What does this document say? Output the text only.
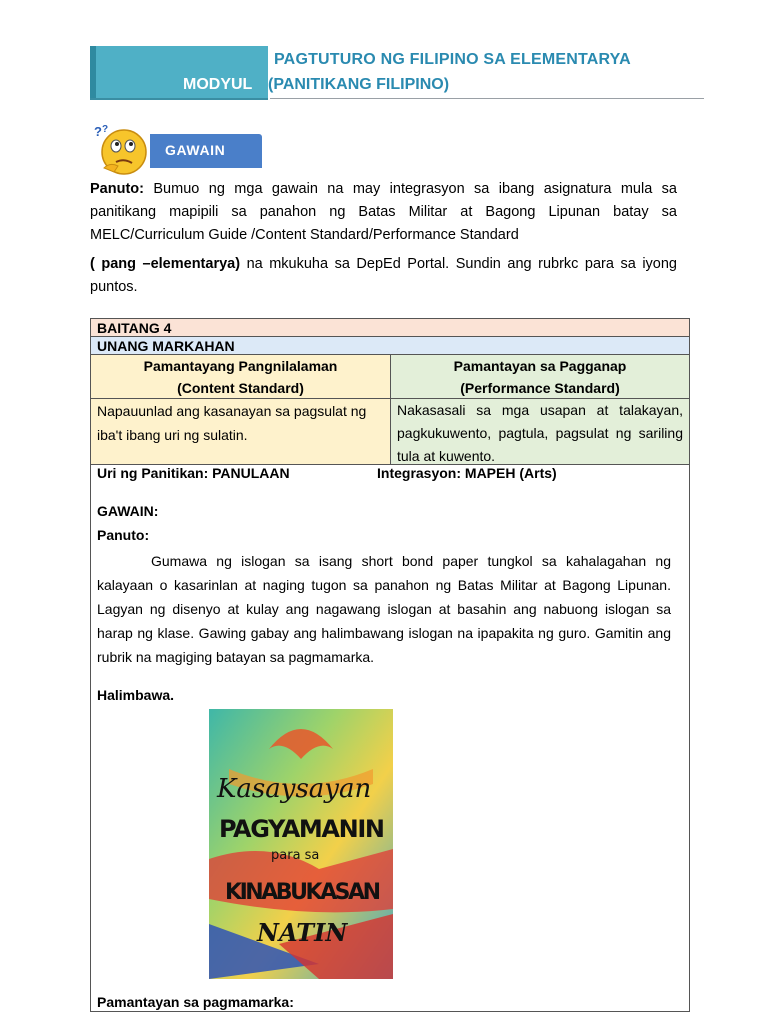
PAGTUTURO NG FILIPINO SA ELEMENTARYA
MODYUL (PANITIKANG FILIPINO)
GAWAIN
? ?
Panuto: Bumuo ng mga gawain na may integrasyon sa ibang asignatura mula sa panitikang mapipili sa panahon ng Batas Militar at Bagong Lipunan batay sa MELC/Curriculum Guide /Content Standard/Performance Standard
( pang –elementarya) na mkukuha sa DepEd Portal. Sundin ang rubrkc para sa iyong puntos.
BAITANG 4
UNANG MARKAHAN
Pamantayang Pangnilalaman
(Content Standard)
Pamantayan sa Pagganap
(Performance Standard)
Napauunlad ang kasanayan sa pagsulat ng iba't ibang uri ng sulatin.
Nakasasali sa mga usapan at talakayan, pagkukuwento, pagtula, pagsulat ng sariling tula at kuwento.
Uri ng Panitikan: PANULAAN	Integrasyon: MAPEH (Arts)
GAWAIN:
Panuto:
Gumawa ng islogan sa isang short bond paper tungkol sa kahalagahan ng kalayaan o kasarinlan at naging tugon sa panahon ng Batas Militar at Bagong Lipunan. Lagyan ng disenyo at kulay ang nagawang islogan at basahin ang nabuong islogan sa harap ng klase. Gawing gabay ang halimbawang islogan na ipapakita ng guro. Gamitin ang rubrik na magiging batayan sa pagmamarka.
Halimbawa.
Kasaysayan
PAGYAMANIN
para sa
KINABUKASAN
NATIN
Pamantayan sa pagmamarka:
